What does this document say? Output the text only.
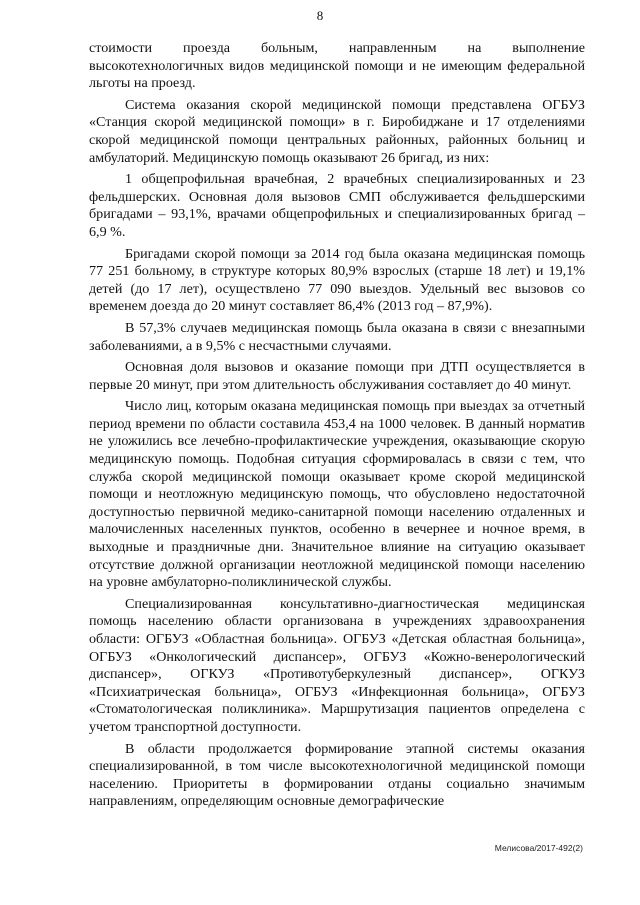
8

стоимости проезда больным, направленным на выполнение высокотехнологичных видов медицинской помощи и не имеющим федеральной льготы на проезд.

Система оказания скорой медицинской помощи представлена ОГБУЗ «Станция скорой медицинской помощи» в г. Биробиджане и 17 отделениями скорой медицинской помощи центральных районных, районных больниц и амбулаторий. Медицинскую помощь оказывают 26 бригад, из них:

1 общепрофильная врачебная, 2 врачебных специализированных и 23 фельдшерских. Основная доля вызовов СМП обслуживается фельдшерскими бригадами – 93,1%, врачами общепрофильных и специализированных бригад – 6,9 %.

Бригадами скорой помощи за 2014 год была оказана медицинская помощь 77 251 больному, в структуре которых 80,9% взрослых (старше 18 лет) и 19,1% детей (до 17 лет), осуществлено 77 090 выездов. Удельный вес вызовов со временем доезда до 20 минут составляет 86,4% (2013 год – 87,9%).

В 57,3% случаев медицинская помощь была оказана в связи с внезапными заболеваниями, а в 9,5% с несчастными случаями.

Основная доля вызовов и оказание помощи при ДТП осуществляется в первые 20 минут, при этом длительность обслуживания составляет до 40 минут.

Число лиц, которым оказана медицинская помощь при выездах за отчетный период времени по области составила 453,4 на 1000 человек. В данный норматив не уложились все лечебно-профилактические учреждения, оказывающие скорую медицинскую помощь. Подобная ситуация сформировалась в связи с тем, что служба скорой медицинской помощи оказывает кроме скорой медицинской помощи и неотложную медицинскую помощь, что обусловлено недостаточной доступностью первичной медико-санитарной помощи населению отдаленных и малочисленных населенных пунктов, особенно в вечернее и ночное время, в выходные и праздничные дни. Значительное влияние на ситуацию оказывает отсутствие должной организации неотложной медицинской помощи населению на уровне амбулаторно-поликлинической службы.

Специализированная консультативно-диагностическая медицинская помощь населению области организована в учреждениях здравоохранения области: ОГБУЗ «Областная больница». ОГБУЗ «Детская областная больница», ОГБУЗ «Онкологический диспансер», ОГБУЗ «Кожно-венерологический диспансер», ОГКУЗ «Противотуберкулезный диспансер», ОГКУЗ «Психиатрическая больница», ОГБУЗ «Инфекционная больница», ОГБУЗ «Стоматологическая поликлиника». Маршрутизация пациентов определена с учетом транспортной доступности.

В области продолжается формирование этапной системы оказания специализированной, в том числе высокотехнологичной медицинской помощи населению. Приоритеты в формировании отданы социально значимым направлениям, определяющим основные демографические

Мелисова/2017-492(2)
